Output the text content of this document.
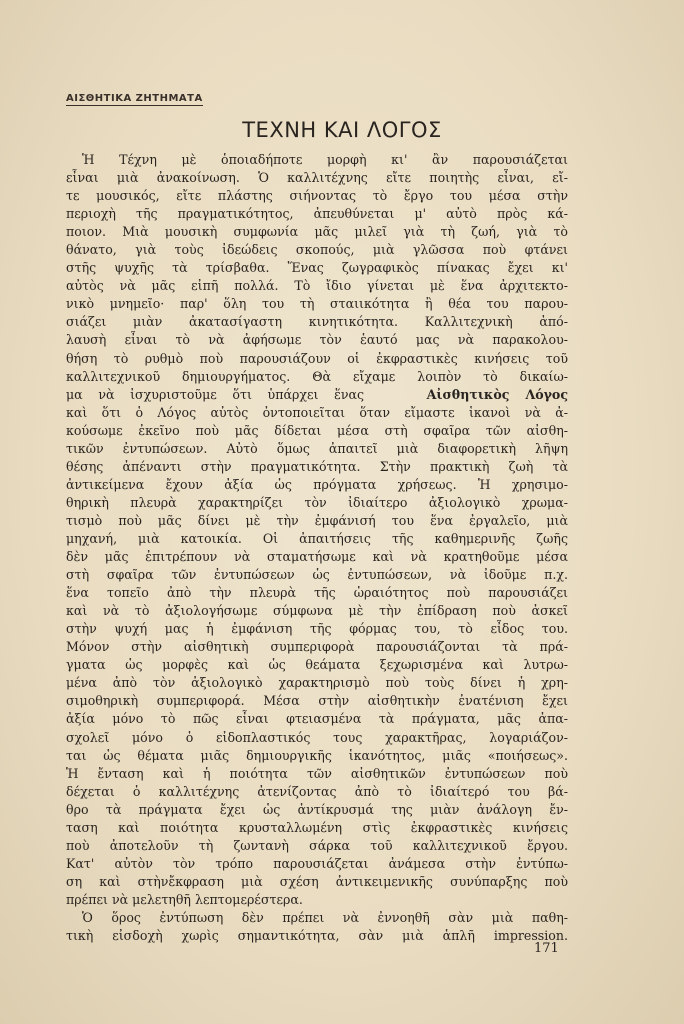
ΑΙΣΘΗΤΙΚΑ ΖΗΤΗΜΑΤΑ
ΤΕΧΝΗ ΚΑΙ ΛΟΓΟΣ
Ἡ Τέχνη μὲ ὁποιαδήποτε μορφὴ κι' ἂν παρουσιάζεται
εἶναι μιὰ ἀνακοίνωση. Ὁ καλλιτέχνης εἴτε ποιητὴς εἶναι, εἴ-
τε μουσικός, εἴτε πλάστης σιήνοντας τὸ ἔργο του μέσα στὴν
περιοχὴ τῆς πραγματικότητος, ἀπευθύνεται μ' αὐτὸ πρὸς κά-
ποιον. Μιὰ μουσικὴ συμφωνία μᾶς μιλεῖ γιὰ τὴ ζωή, γιὰ τὸ
θάνατο, γιὰ τοὺς ἰδεώδεις σκοπούς, μιὰ γλῶσσα ποὺ φτάνει
στῆς ψυχῆς τὰ τρίσβαθα. Ἕνας ζωγραφικὸς πίνακας ἔχει κι'
αὐτὸς νὰ μᾶς εἰπῆ πολλά. Τὸ ἴδιο γίνεται μὲ ἕνα ἀρχιτεκτο-
νικὸ μνημεῖο· παρ' ὅλη του τὴ σταιικότητα ἢ θέα του παρου-
σιάζει μιὰν ἀκατασίγαστη κινητικότητα. Καλλιτεχνικὴ ἀπό-
λαυσὴ εἶναι τὸ νὰ ἀφήσωμε τὸν ἑαυτό μας νὰ παρακολου-
θήση τὸ ρυθμὸ ποὺ παρουσιάζουν οἱ ἐκφραστικὲς κινήσεις τοῦ
καλλιτεχνικοῦ δημιουργήματος. Θὰ εἴχαμε λοιπὸν τὸ δικαίω-
μα νὰ ἰσχυριστοῦμε ὅτι ὑπάρχει ἕνας	Αἰσθητικὸς Λόγος
καὶ ὅτι ὁ Λόγος αὐτὸς ὀντοποιεῖται ὅταν εἴμαστε ἱκανοὶ νὰ ἀ-
κούσωμε ἐκεῖνο ποὺ μᾶς δίδεται μέσα στὴ σφαῖρα τῶν αἰσθη-
τικῶν ἐντυπώσεων. Αὐτὸ ὅμως ἀπαιτεῖ μιὰ διαφορετικὴ λῆψη
θέσης ἀπέναντι στὴν πραγματικότητα. Στὴν πρακτικὴ ζωὴ τὰ
ἀντικείμενα ἔχουν ἀξία ὡς πρόγματα χρήσεως. Ἡ χρησιμο-
θηρικὴ πλευρὰ χαρακτηρίζει τὸν ἰδιαίτερο ἀξιολογικὸ χρωμα-
τισμὸ ποὺ μᾶς δίνει μὲ τὴν ἐμφάνισή του ἕνα ἐργαλεῖο, μιὰ
μηχανή, μιὰ κατοικία. Οἱ ἀπαιτήσεις τῆς καθημερινῆς ζωῆς
δὲν μᾶς ἐπιτρέπουν νὰ σταματήσωμε καὶ νὰ κρατηθοῦμε μέσα
στὴ σφαῖρα τῶν ἐντυπώσεων ὡς ἐντυπώσεων, νὰ ἰδοῦμε π.χ.
ἕνα τοπεῖο ἀπὸ τὴν πλευρὰ τῆς ὡραιότητος ποὺ παρουσιάζει
καὶ νὰ τὸ ἀξιολογήσωμε σύμφωνα μὲ τὴν ἐπίδραση ποὺ ἀσκεῖ
στὴν ψυχή μας ἡ ἐμφάνιση τῆς φόρμας του, τὸ εἶδος του.
Μόνον στὴν αἰσθητικὴ συμπεριφορὰ παρουσιάζονται τὰ πρά-
γματα ὡς μορφὲς καὶ ὡς θεάματα ξεχωρισμένα καὶ λυτρω-
μένα ἀπὸ τὸν ἀξιολογικὸ χαρακτηρισμὸ ποὺ τοὺς δίνει ἡ χρη-
σιμοθηρικὴ συμπεριφορά. Μέσα στὴν αἰσθητικὴν ἐνατένιση ἔχει
ἀξία μόνο τὸ πῶς εἶναι φτειασμένα τὰ πράγματα, μᾶς ἀπα-
σχολεῖ μόνο ὁ εἰδοπλαστικός τους χαρακτῆρας, λογαριάζον-
ται ὡς θέματα μιᾶς δημιουργικῆς ἱκανότητος, μιᾶς «ποιήσεως».
Ἡ ἔνταση καὶ ἡ ποιότητα τῶν αἰσθητικῶν ἐντυπώσεων ποὺ
δέχεται ὁ καλλιτέχνης ἀτενίζοντας ἀπὸ τὸ ἰδιαίτερό του βά-
θρο τὰ πράγματα ἔχει ὡς ἀντίκρυσμά της μιὰν ἀνάλογη ἔν-
ταση καὶ ποιότητα κρυσταλλωμένη στὶς ἐκφραστικὲς κινήσεις
ποὺ ἀποτελοῦν τὴ ζωντανὴ σάρκα τοῦ καλλιτεχνικοῦ ἔργου.
Κατ' αὐτὸν τὸν τρόπο παρουσιάζεται ἀνάμεσα στὴν ἐντύπω-
ση καὶ στὴνἔκφραση μιὰ σχέση ἀντικειμενικῆς συνύπαρξης ποὺ
πρέπει νὰ μελετηθῆ λεπτομερέστερα.
Ὁ ὅρος ἐντύπωση δὲν πρέπει νὰ ἐννοηθῆ σὰν μιὰ παθη-
τικὴ εἰσδοχὴ χωρὶς σημαντικότητα, σὰν μιὰ ἁπλῆ impression.
171
